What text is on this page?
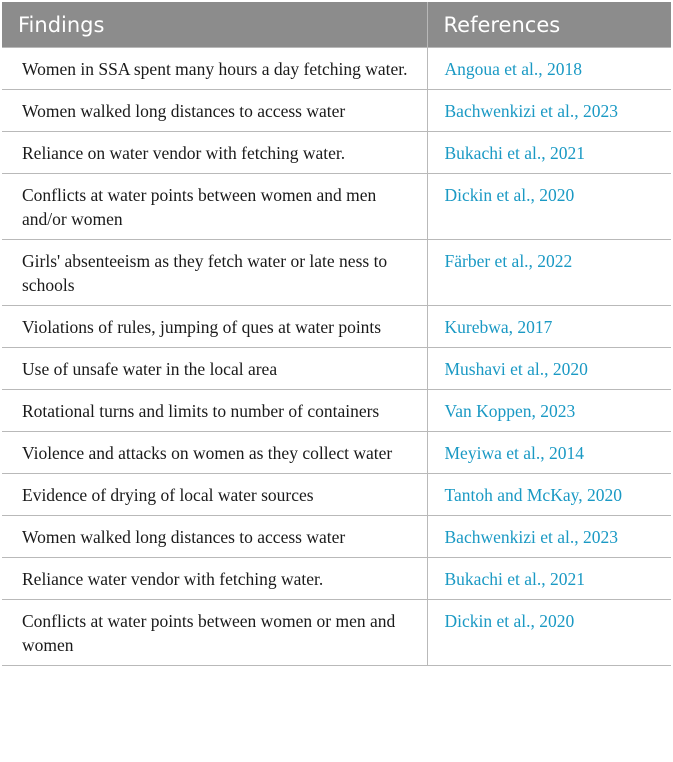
Findings	References
Women in SSA spent many hours a day fetching water.	Angoua et al., 2018
Women walked long distances to access water	Bachwenkizi et al., 2023
Reliance on water vendor with fetching water.	Bukachi et al., 2021
Conflicts at water points between women and men and/or women	Dickin et al., 2020
Girls' absenteeism as they fetch water or late ness to schools	Färber et al., 2022
Violations of rules, jumping of ques at water points	Kurebwa, 2017
Use of unsafe water in the local area	Mushavi et al., 2020
Rotational turns and limits to number of containers	Van Koppen, 2023
Violence and attacks on women as they collect water	Meyiwa et al., 2014
Evidence of drying of local water sources	Tantoh and McKay, 2020
Women walked long distances to access water	Bachwenkizi et al., 2023
Reliance water vendor with fetching water.	Bukachi et al., 2021
Conflicts at water points between women or men and women	Dickin et al., 2020
